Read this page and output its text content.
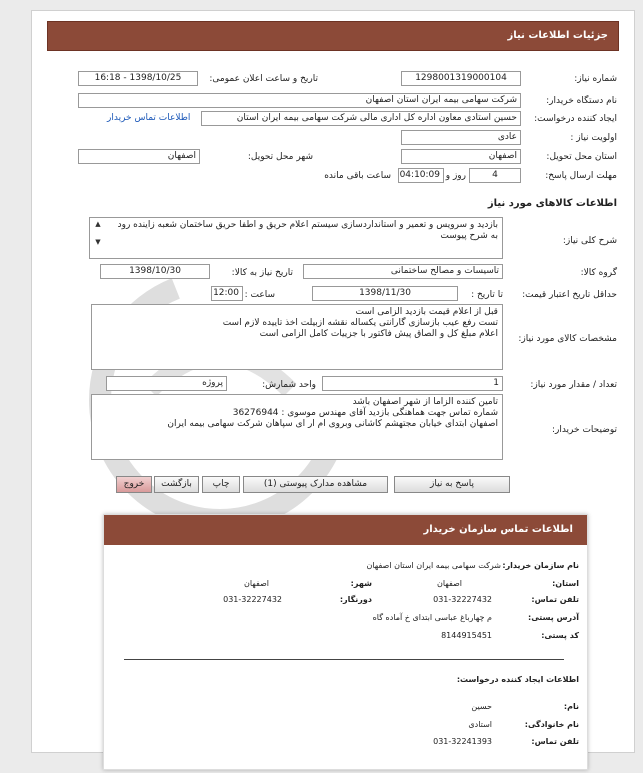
جزئیات اطلاعات نیاز
شماره نیاز:
1298001319000104
تاریخ و ساعت اعلان عمومی:
1398/10/25 - 16:18
نام دستگاه خریدار:
شرکت سهامی بیمه ایران استان اصفهان
ایجاد کننده درخواست:
حسین استادی معاون اداره کل اداری مالی شرکت سهامی بیمه ایران استان
اطلاعات تماس خریدار
اولویت نیاز :
عادی
استان محل تحویل:
اصفهان
شهر محل تحویل:
اصفهان
مهلت ارسال پاسخ:
4
روز و
04:10:09
ساعت باقی مانده
اطلاعات کالاهای مورد نیاز
شرح کلی نیاز:
بازدید و سرویس و تعمیر و استانداردسازی سیستم اعلام حریق و اطفا حریق ساختمان شعبه زاینده رود به شرح پیوست
▲
▼
گروه کالا:
تاسیسات و مصالح ساختمانی
تاریخ نیاز به کالا:
1398/10/30
حداقل تاریخ اعتبار قیمت:
تا تاریخ :
1398/11/30
ساعت :
12:00
مشخصات کالای مورد نیاز:
قبل از اعلام قیمت بازدید الزامی است
تست رفع عیب بازسازی گارانتی یکساله نقشه ازبیلت اخذ تاییده لازم است
اعلام مبلغ کل و الصاق پیش فاکتور با جزییات کامل الزامی است
تعداد / مقدار مورد نیاز:
1
واحد شمارش:
پروژه
توضیحات خریدار:
تامین کننده الزاما از شهر اصفهان باشد
شماره تماس جهت هماهنگی بازدید آقای مهندس موسوی : 36276944
اصفهان ابتدای خیابان مجتهشم کاشانی وبروی ام ار ای سپاهان شرکت سهامی بیمه ایران
پاسخ به نیاز
مشاهده مدارک پیوستی (1)
چاپ
بازگشت
خروج
اطلاعات تماس سازمان خریدار
نام سازمان خریدار:
شرکت سهامی بیمه ایران استان اصفهان
استان:
اصفهان
شهر:
اصفهان
تلفن تماس:
031-32227432
دورنگار:
031-32227432
آدرس پستی:
م چهارباغ عباسی ابتدای خ آماده گاه
کد پستی:
8144915451
اطلاعات ایجاد کننده درخواست:
نام:
حسین
نام خانوادگی:
استادی
تلفن تماس:
031-32241393
